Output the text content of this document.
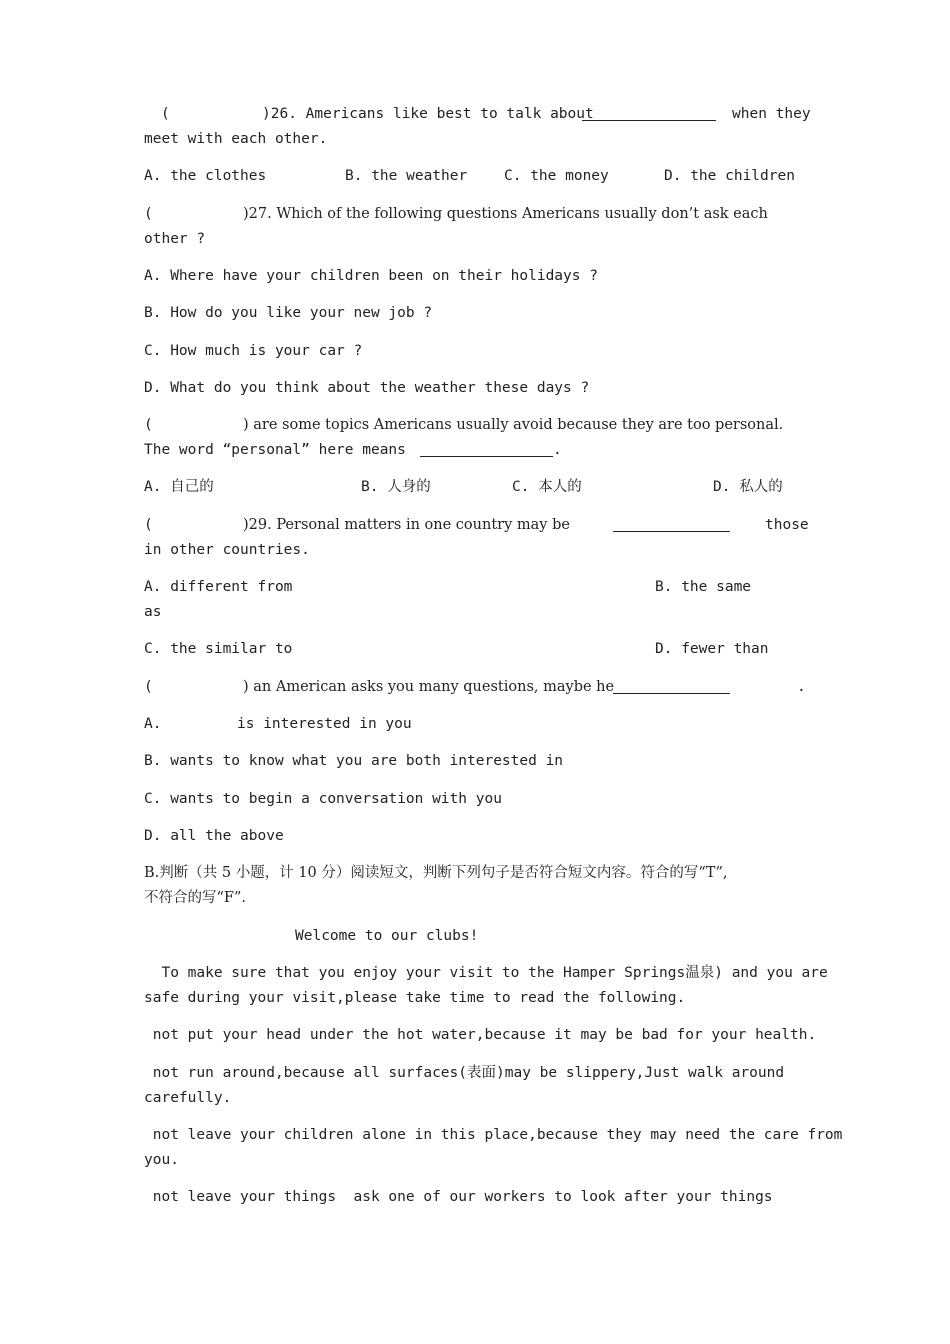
(	)26. Americans like best to talk about	when they
meet with each other.
A. the clothes	B. the weather	C. the money	D. the children
(	)27. Which of the following questions Americans usually don’t ask each
other ?
A. Where have your children been on their holidays ?
B. How do you like your new job ?
C. How much is your car ?
D. What do you think about the weather these days ?
(	) are some topics Americans usually avoid because they are too personal.
The word “personal” here means	.
A. 自己的	B. 人身的	C. 本人的	D. 私人的
(	)29. Personal matters in one country may be	those
in other countries.
A. different from	B. the same
as
C. the similar to	D. fewer than
(	) an American asks you many questions, maybe he	.
A.	is interested in you
B. wants to know what you are both interested in
C. wants to begin a conversation with you
D. all the above
B.判断（共 5 小题，计 10 分）阅读短文，判断下列句子是否符合短文内容。符合的写“T”,
不符合的写“F”.
Welcome to our clubs!
To make sure that you enjoy your visit to the Hamper Springs温泉) and you are
safe during your visit,please take time to read the following.
not put your head under the hot water,because it may be bad for your health.
not run around,because all surfaces(表面)may be slippery,Just walk around
carefully.
not leave your children alone in this place,because they may need the care from
you.
not leave your things  ask one of our workers to look after your things
